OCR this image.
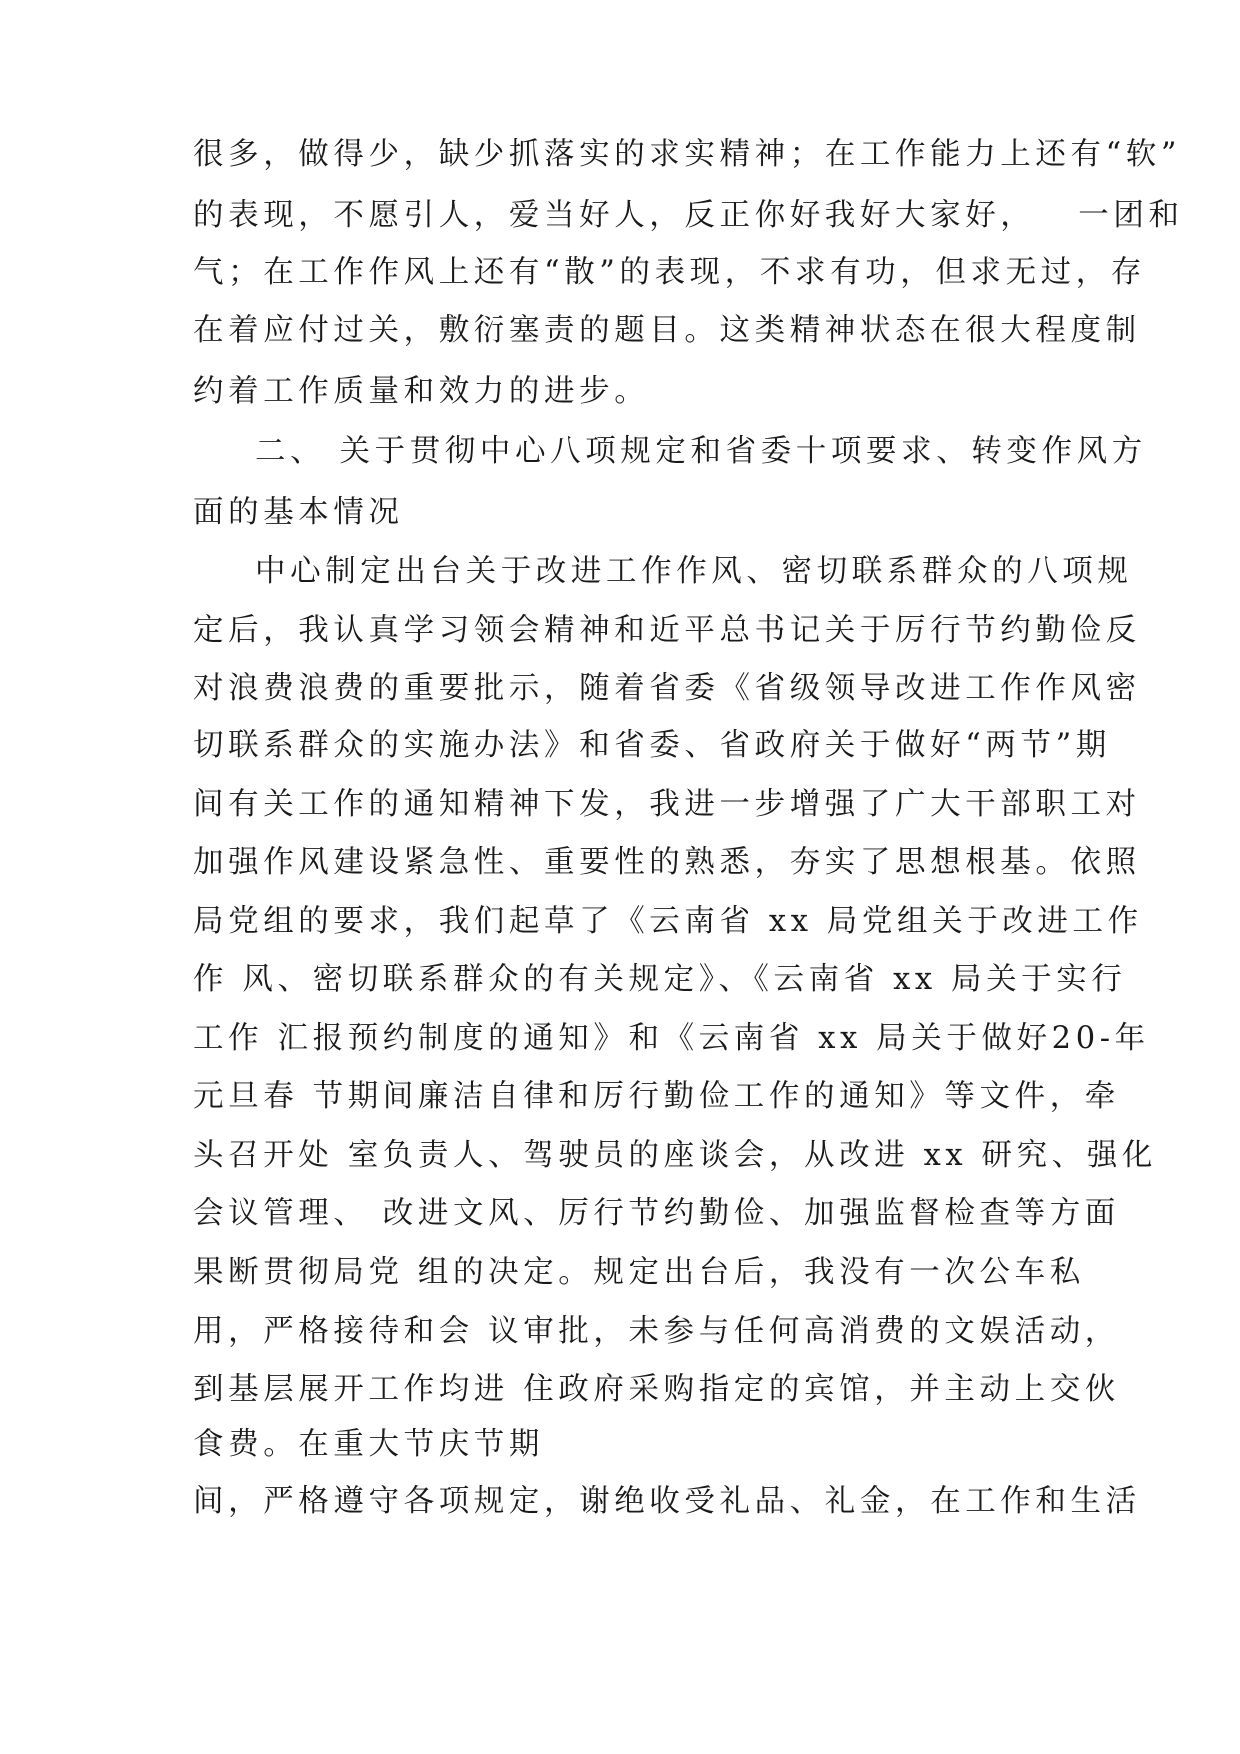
很多，做得少，缺少抓落实的求实精神；在工作能力上还有“软”
的表现，不愿引人，爱当好人，反正你好我好大家好，   一团和
气；在工作作风上还有“散”的表现，不求有功，但求无过，存
在着应付过关，敷衍塞责的题目。这类精神状态在很大程度制
约着工作质量和效力的进步。
二、 关于贯彻中心八项规定和省委十项要求、转变作风方
面的基本情况
中心制定出台关于改进工作作风、密切联系群众的八项规
定后，我认真学习领会精神和近平总书记关于厉行节约勤俭反
对浪费浪费的重要批示，随着省委《省级领导改进工作作风密
切联系群众的实施办法》和省委、省政府关于做好“两节”期
间有关工作的通知精神下发，我进一步增强了广大干部职工对
加强作风建设紧急性、重要性的熟悉，夯实了思想根基。依照
局党组的要求，我们起草了《云南省 xx 局党组关于改进工作
作 风、密切联系群众的有关规定》、《云南省 xx 局关于实行
工作 汇报预约制度的通知》和《云南省 xx 局关于做好20-年
元旦春 节期间廉洁自律和厉行勤俭工作的通知》等文件，牵
头召开处 室负责人、驾驶员的座谈会，从改进 xx 研究、强化
会议管理、 改进文风、厉行节约勤俭、加强监督检查等方面
果断贯彻局党 组的决定。规定出台后，我没有一次公车私
用，严格接待和会 议审批，未参与任何高消费的文娱活动，
到基层展开工作均进 住政府采购指定的宾馆，并主动上交伙
食费。在重大节庆节期
间，严格遵守各项规定，谢绝收受礼品、礼金，在工作和生活
